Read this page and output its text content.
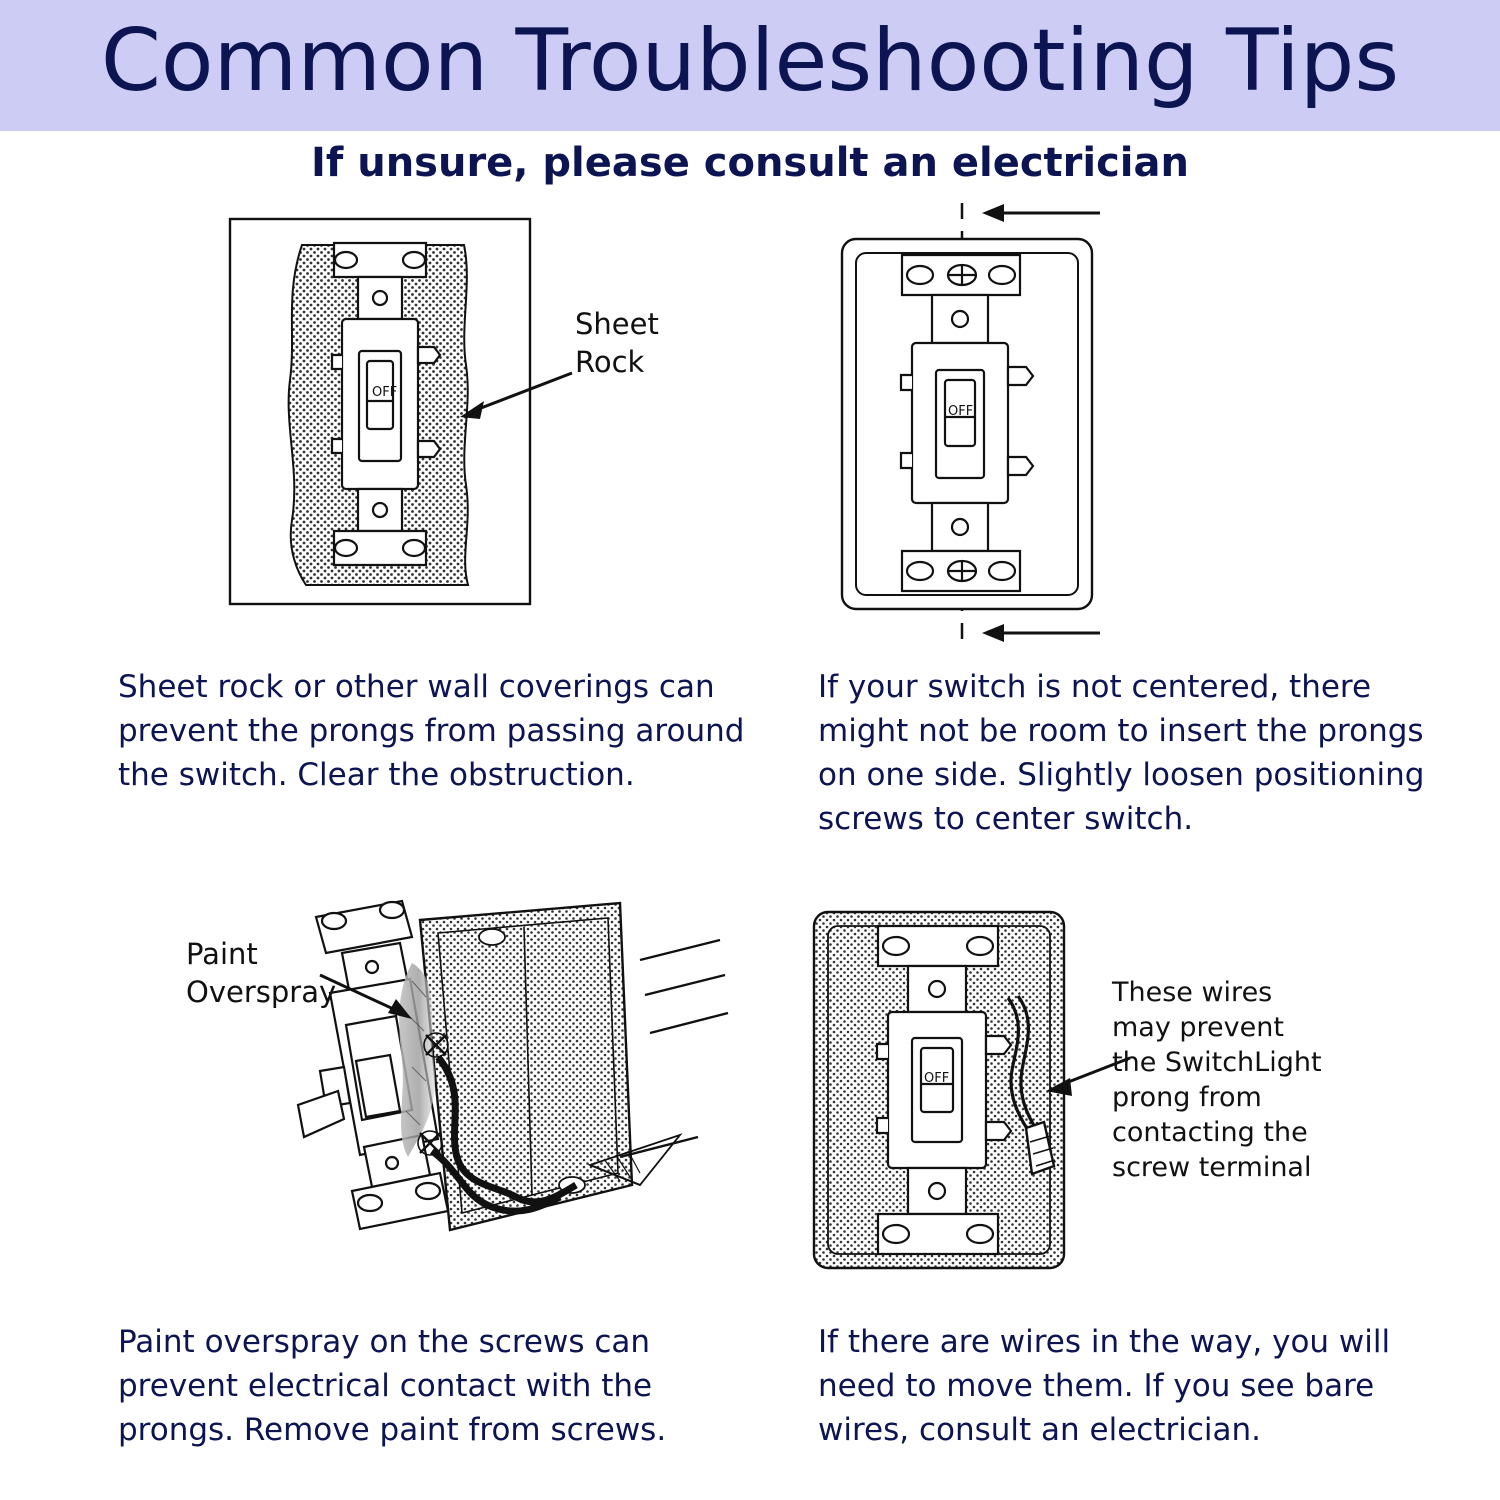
Common Troubleshooting Tips
If unsure, please consult an electrician
OFF
Sheet
Rock
Sheet rock or other wall coverings can prevent the prongs from passing around the switch. Clear the obstruction.
OFF
If your switch is not centered, there might not be room to insert the prongs on one side. Slightly loosen positioning screws to center switch.
Paint
Overspray
Paint overspray on the screws can prevent electrical contact with the prongs. Remove paint from screws.
OFF
These wires
may prevent
the SwitchLight
prong from
contacting the
screw terminal
If there are wires in the way, you will need to move them. If you see bare wires, consult an electrician.
